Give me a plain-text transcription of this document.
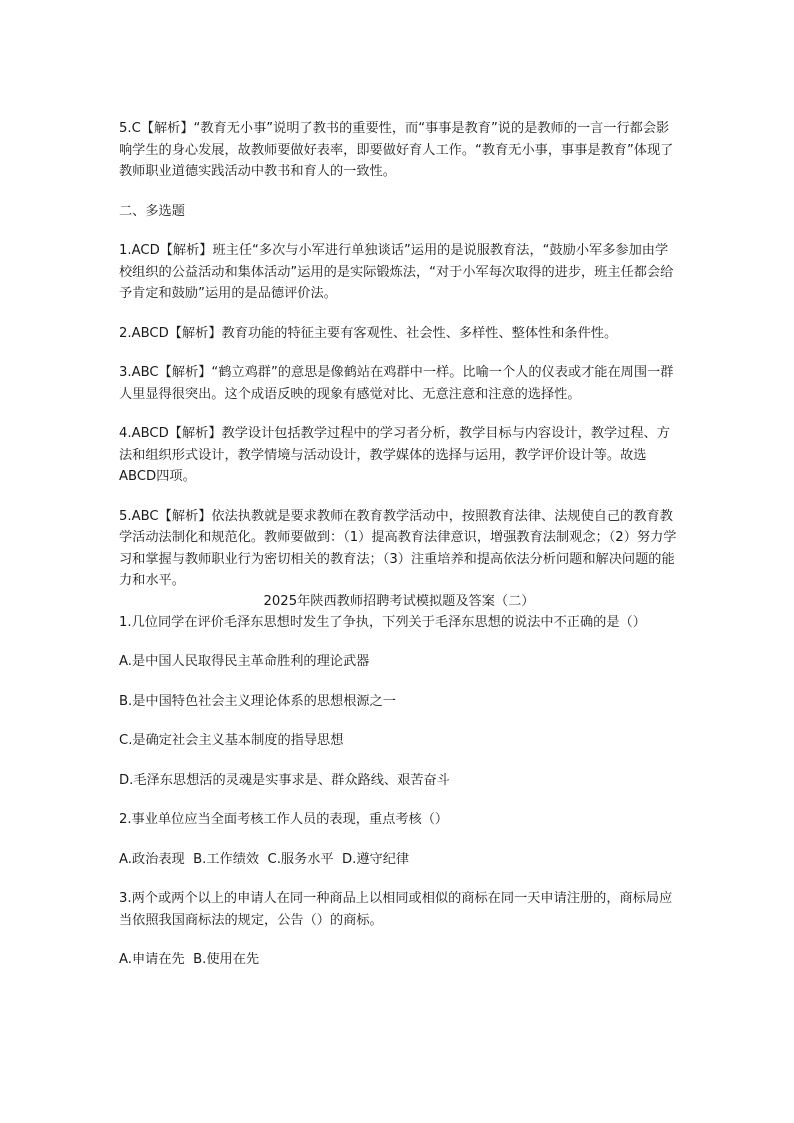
5.C【解析】“教育无小事”说明了教书的重要性，而“事事是教育”说的是教师的一言一行都会影响学生的身心发展，故教师要做好表率，即要做好育人工作。“教育无小事，事事是教育”体现了教师职业道德实践活动中教书和育人的一致性。

二、多选题

1.ACD【解析】班主任“多次与小军进行单独谈话”运用的是说服教育法，“鼓励小军多参加由学校组织的公益活动和集体活动”运用的是实际锻炼法，“对于小军每次取得的进步，班主任都会给予肯定和鼓励”运用的是品德评价法。

2.ABCD【解析】教育功能的特征主要有客观性、社会性、多样性、整体性和条件性。

3.ABC【解析】“鹤立鸡群”的意思是像鹤站在鸡群中一样。比喻一个人的仪表或才能在周围一群人里显得很突出。这个成语反映的现象有感觉对比、无意注意和注意的选择性。

4.ABCD【解析】教学设计包括教学过程中的学习者分析，教学目标与内容设计，教学过程、方法和组织形式设计，教学情境与活动设计，教学媒体的选择与运用，教学评价设计等。故选ABCD四项。

5.ABC【解析】依法执教就是要求教师在教育教学活动中，按照教育法律、法规使自己的教育教学活动法制化和规范化。教师要做到：（1）提高教育法律意识，增强教育法制观念；（2）努力学习和掌握与教师职业行为密切相关的教育法；（3）注重培养和提高依法分析问题和解决问题的能力和水平。

2025年陕西教师招聘考试模拟题及答案（二）

1.几位同学在评价毛泽东思想时发生了争执，下列关于毛泽东思想的说法中不正确的是（）

A.是中国人民取得民主革命胜利的理论武器

B.是中国特色社会主义理论体系的思想根源之一

C.是确定社会主义基本制度的指导思想

D.毛泽东思想活的灵魂是实事求是、群众路线、艰苦奋斗

2.事业单位应当全面考核工作人员的表现，重点考核（）

A.政治表现  B.工作绩效  C.服务水平  D.遵守纪律

3.两个或两个以上的申请人在同一种商品上以相同或相似的商标在同一天申请注册的，商标局应当依照我国商标法的规定，公告（）的商标。

A.申请在先  B.使用在先
